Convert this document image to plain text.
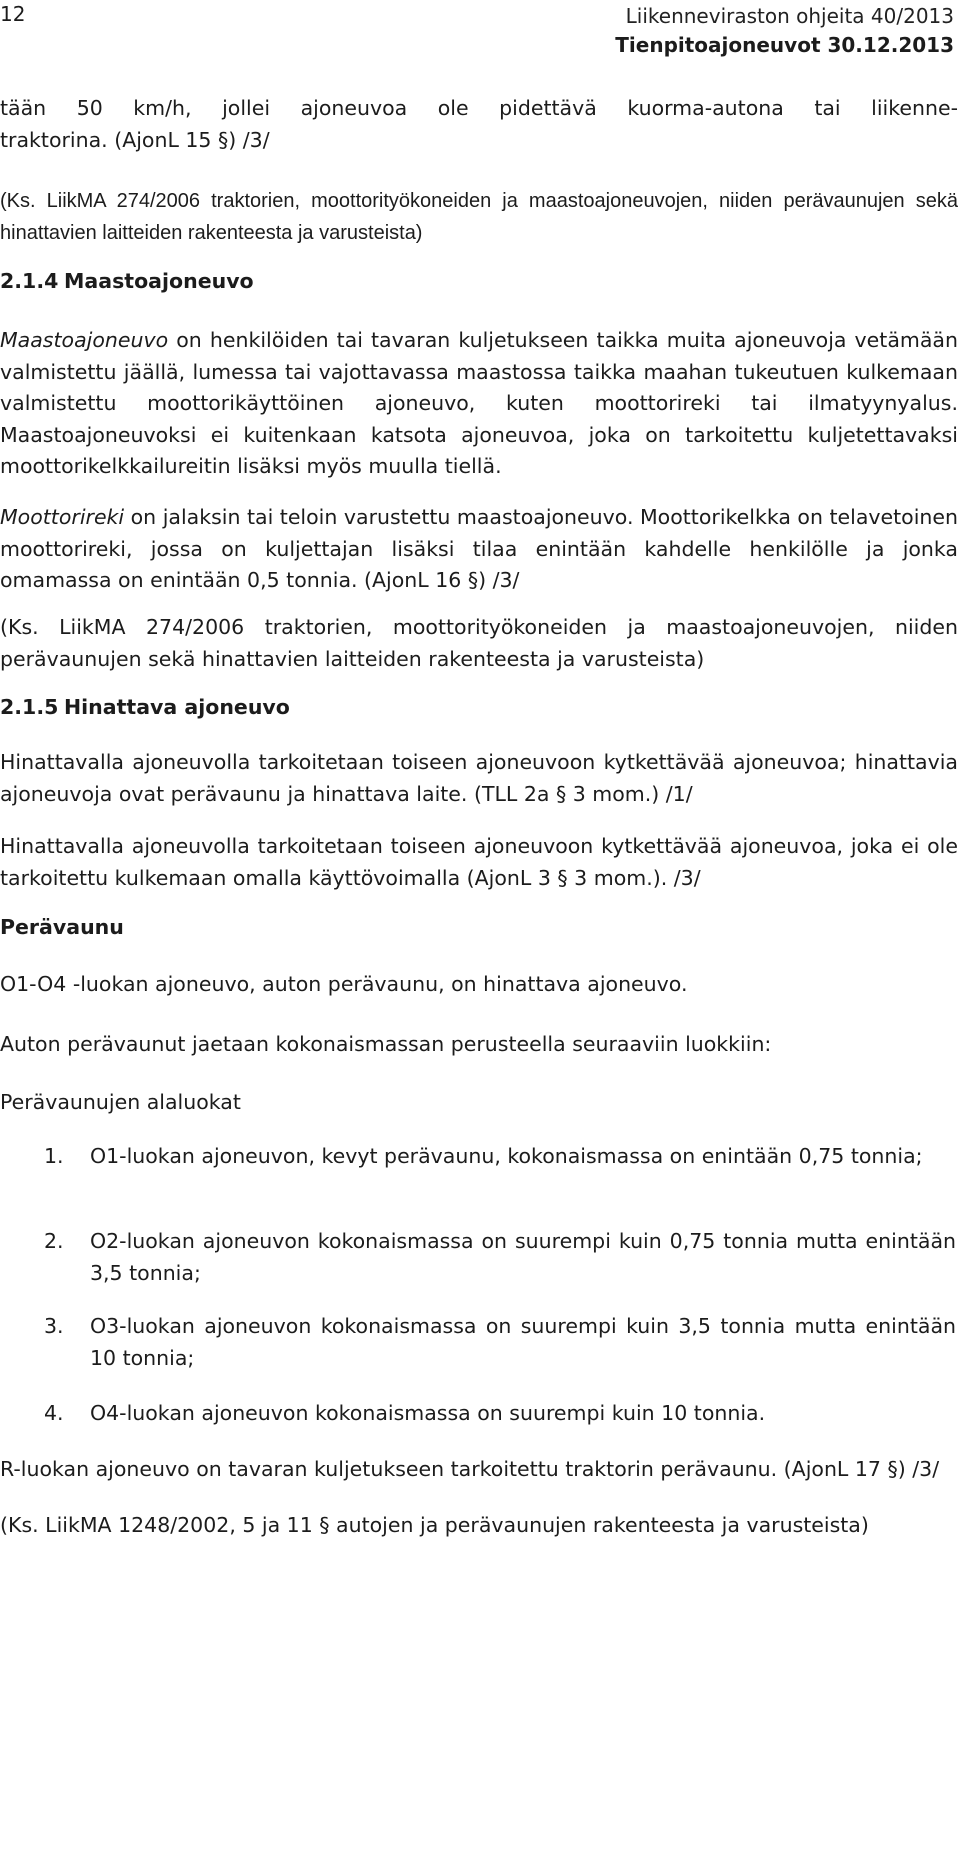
12	Liikenneviraston ohjeita 40/2013
Tienpitoajoneuvot 30.12.2013
tään 50 km/h, jollei ajoneuvoa ole pidettävä kuorma-autona tai liikenne-
traktorina. (AjonL 15 §) /3/

(Ks. LiikMA 274/2006 traktorien, moottorityökoneiden ja maastoajoneuvojen, niiden perävaunujen sekä hinattavien laitteiden rakenteesta ja varusteista)

2.1.4 Maastoajoneuvo

Maastoajoneuvo on henkilöiden tai tavaran kuljetukseen taikka muita ajoneuvoja vetämään valmistettu jäällä, lumessa tai vajottavassa maastossa taikka maahan tukeutuen kulkemaan valmistettu moottorikäyttöinen ajoneuvo, kuten moottorireki tai ilmatyynyalus. Maastoajoneuvoksi ei kuitenkaan katsota ajoneuvoa, joka on tarkoitettu kuljetettavaksi moottorikelkkailureitin lisäksi myös muulla tiellä.

Moottorireki on jalaksin tai teloin varustettu maastoajoneuvo. Moottorikelkka on telavetoinen moottorireki, jossa on kuljettajan lisäksi tilaa enintään kahdelle henkilölle ja jonka omamassa on enintään 0,5 tonnia. (AjonL 16 §) /3/

(Ks. LiikMA 274/2006 traktorien, moottorityökoneiden ja maastoajoneuvojen, niiden perävaunujen sekä hinattavien laitteiden rakenteesta ja varusteista)

2.1.5 Hinattava ajoneuvo

Hinattavalla ajoneuvolla tarkoitetaan toiseen ajoneuvoon kytkettävää ajoneuvoa; hinattavia ajoneuvoja ovat perävaunu ja hinattava laite. (TLL 2a § 3 mom.) /1/

Hinattavalla ajoneuvolla tarkoitetaan toiseen ajoneuvoon kytkettävää ajoneuvoa, joka ei ole tarkoitettu kulkemaan omalla käyttövoimalla (AjonL 3 § 3 mom.). /3/

Perävaunu

O1-O4 -luokan ajoneuvo, auton perävaunu, on hinattava ajoneuvo.

Auton perävaunut jaetaan kokonaismassan perusteella seuraaviin luokkiin:

Perävaunujen alaluokat

1. O1-luokan ajoneuvon, kevyt perävaunu, kokonaismassa on enintään 0,75 tonnia;
2. O2-luokan ajoneuvon kokonaismassa on suurempi kuin 0,75 tonnia mutta enintään 3,5 tonnia;
3. O3-luokan ajoneuvon kokonaismassa on suurempi kuin 3,5 tonnia mutta enintään 10 tonnia;
4. O4-luokan ajoneuvon kokonaismassa on suurempi kuin 10 tonnia.

R-luokan ajoneuvo on tavaran kuljetukseen tarkoitettu traktorin perävaunu. (AjonL 17 §) /3/

(Ks. LiikMA 1248/2002, 5 ja 11 § autojen ja perävaunujen rakenteesta ja varusteista)
